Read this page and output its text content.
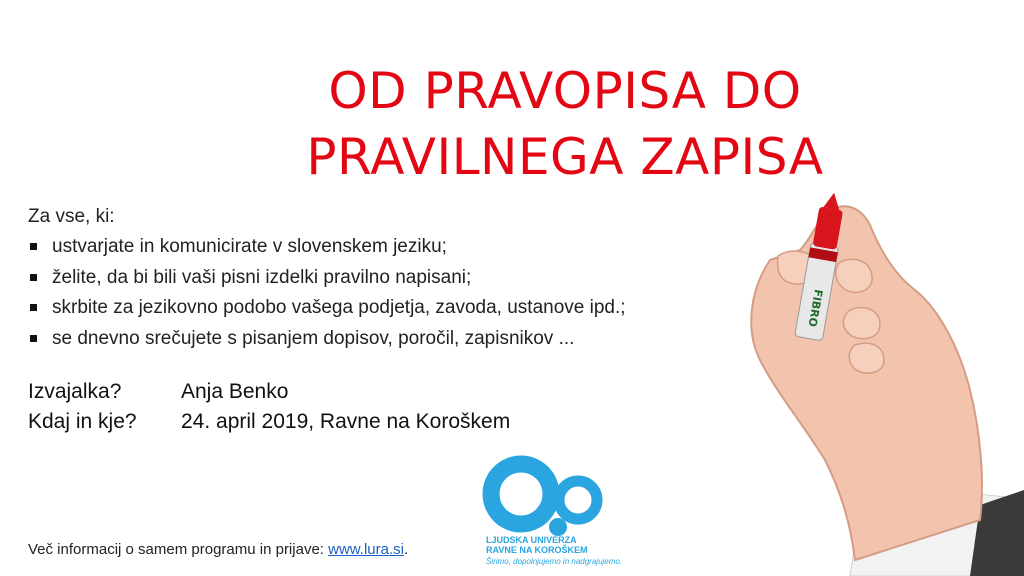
OD PRAVOPISA DO
PRAVILNEGA ZAPISA
Za vse, ki:
ustvarjate in komunicirate v slovenskem jeziku;
želite, da bi bili vaši pisni izdelki pravilno napisani;
skrbite za jezikovno podobo vašega podjetja, zavoda, ustanove ipd.;
se dnevno srečujete s pisanjem dopisov, poročil, zapisnikov ...
Izvajalka?	Anja Benko
Kdaj in kje? 24. april 2019, Ravne na Koroškem
Več informacij o samem programu in prijave: www.lura.si.
LJUDSKA UNIVERZA
RAVNE NA KOROŠKEM
Širimo, dopolnjujemo in nadgrajujemo.
FIBRO
